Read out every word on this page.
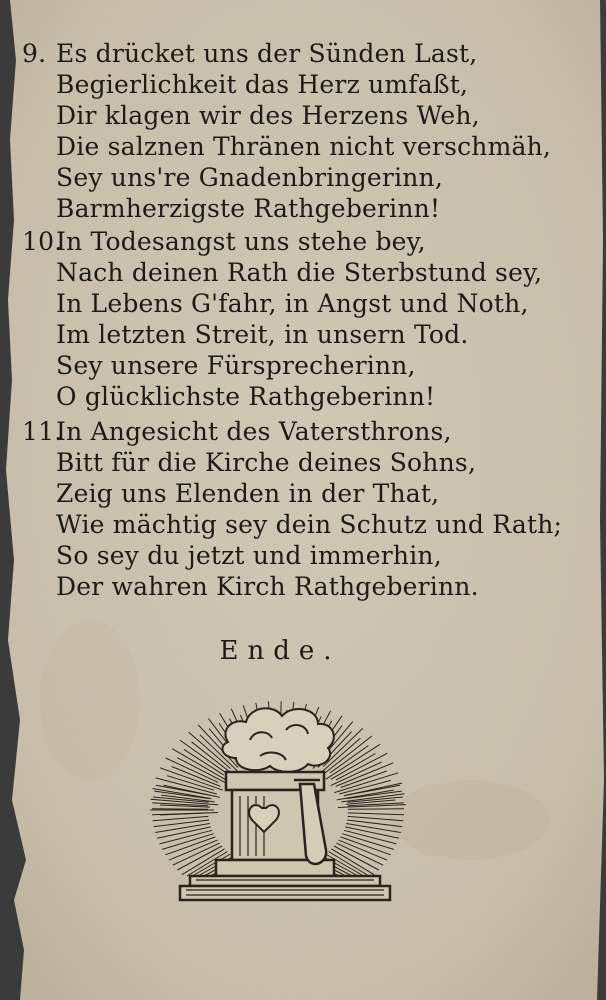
9. Es drücket uns der Sünden Last,
Begierlichkeit das Herz umfaßt,
Dir klagen wir des Herzens Weh,
Die salznen Thränen nicht verschmäh,
Sey uns're Gnadenbringerinn,
Barmherzigste Rathgeberinn!
10.In Todesangst uns stehe bey,
Nach deinen Rath die Sterbstund sey,
In Lebens G'fahr, in Angst und Noth,
Im letzten Streit, in unsern Tod.
Sey unsere Fürsprecherinn,
O glücklichste Rathgeberinn!
11.In Angesicht des Vatersthrons,
Bitt für die Kirche deines Sohns,
Zeig uns Elenden in der That,
Wie mächtig sey dein Schutz und Rath;
So sey du jetzt und immerhin,
Der wahren Kirch Rathgeberinn.
Ende.
